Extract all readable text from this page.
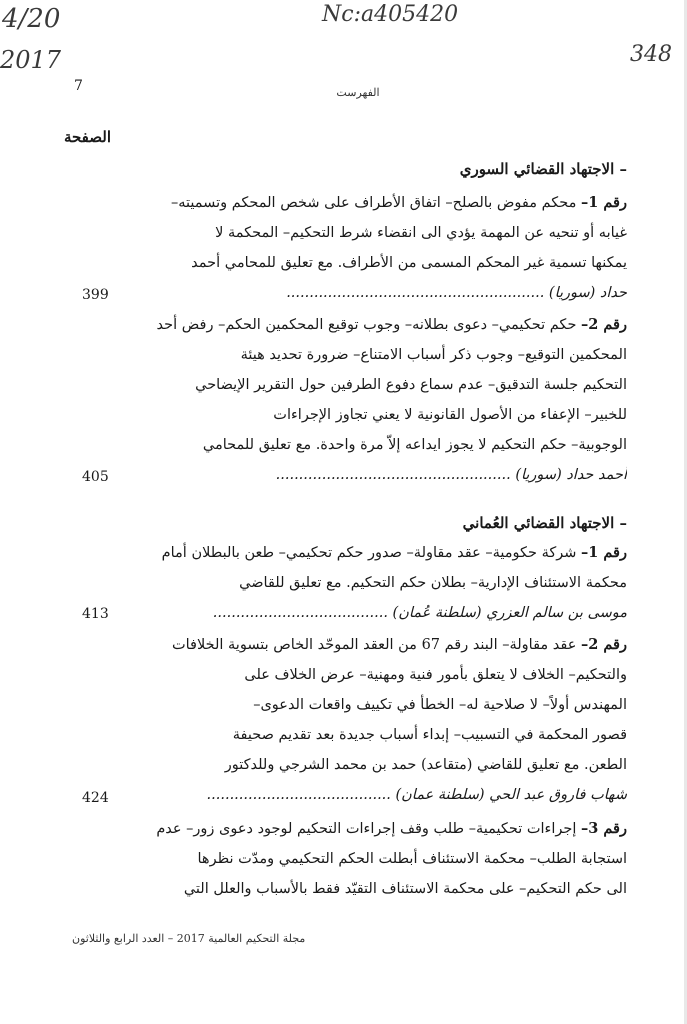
4/20
2017
Nc:a405420
348
7	الفهرست
الصفحة
– الاجتهاد القضائي السوري
رقم 1– محكم مفوض بالصلح– اتفاق الأطراف على شخص المحكم وتسميته–
غيابه أو تنحيه عن المهمة يؤدي الى انقضاء شرط التحكيم– المحكمة لا
يمكنها تسمية غير المحكم المسمى من الأطراف. مع تعليق للمحامي أحمد
حداد (سوريا) ........................................................
399
رقم 2– حكم تحكيمي– دعوى بطلانه– وجوب توقيع المحكمين الحكم– رفض أحد
المحكمين التوقيع– وجوب ذكر أسباب الامتناع– ضرورة تحديد هيئة
التحكيم جلسة التدقيق– عدم سماع دفوع الطرفين حول التقرير الإيضاحي
للخبير– الإعفاء من الأصول القانونية لا يعني تجاوز الإجراءات
الوجوبية– حكم التحكيم لا يجوز ايداعه إلاّ مرة واحدة. مع تعليق للمحامي
أحمد حداد (سوريا) ...................................................
405
– الاجتهاد القضائي العُماني
رقم 1– شركة حكومية– عقد مقاولة– صدور حكم تحكيمي– طعن بالبطلان أمام
محكمة الاستئناف الإدارية– بطلان حكم التحكيم. مع تعليق للقاضي
موسى بن سالم العزري (سلطنة عُمان) ......................................
413
رقم 2– عقد مقاولة– البند رقم 67 من العقد الموحّد الخاص بتسوية الخلافات
والتحكيم– الخلاف لا يتعلق بأمور فنية ومهنية– عرض الخلاف على
المهندس أولاً– لا صلاحية له– الخطأ في تكييف واقعات الدعوى–
قصور المحكمة في التسبيب– إبداء أسباب جديدة بعد تقديم صحيفة
الطعن. مع تعليق للقاضي (متقاعد) حمد بن محمد الشرجي وللدكتور
شهاب فاروق عبد الحي (سلطنة عمان) ........................................
424
رقم 3– إجراءات تحكيمية– طلب وقف إجراءات التحكيم لوجود دعوى زور– عدم
استجابة الطلب– محكمة الاستئناف أبطلت الحكم التحكيمي ومدّت نظرها
الى حكم التحكيم– على محكمة الاستئناف التقيّد فقط بالأسباب والعلل التي
مجلة التحكيم العالمية 2017 – العدد الرابع والثلاثون
